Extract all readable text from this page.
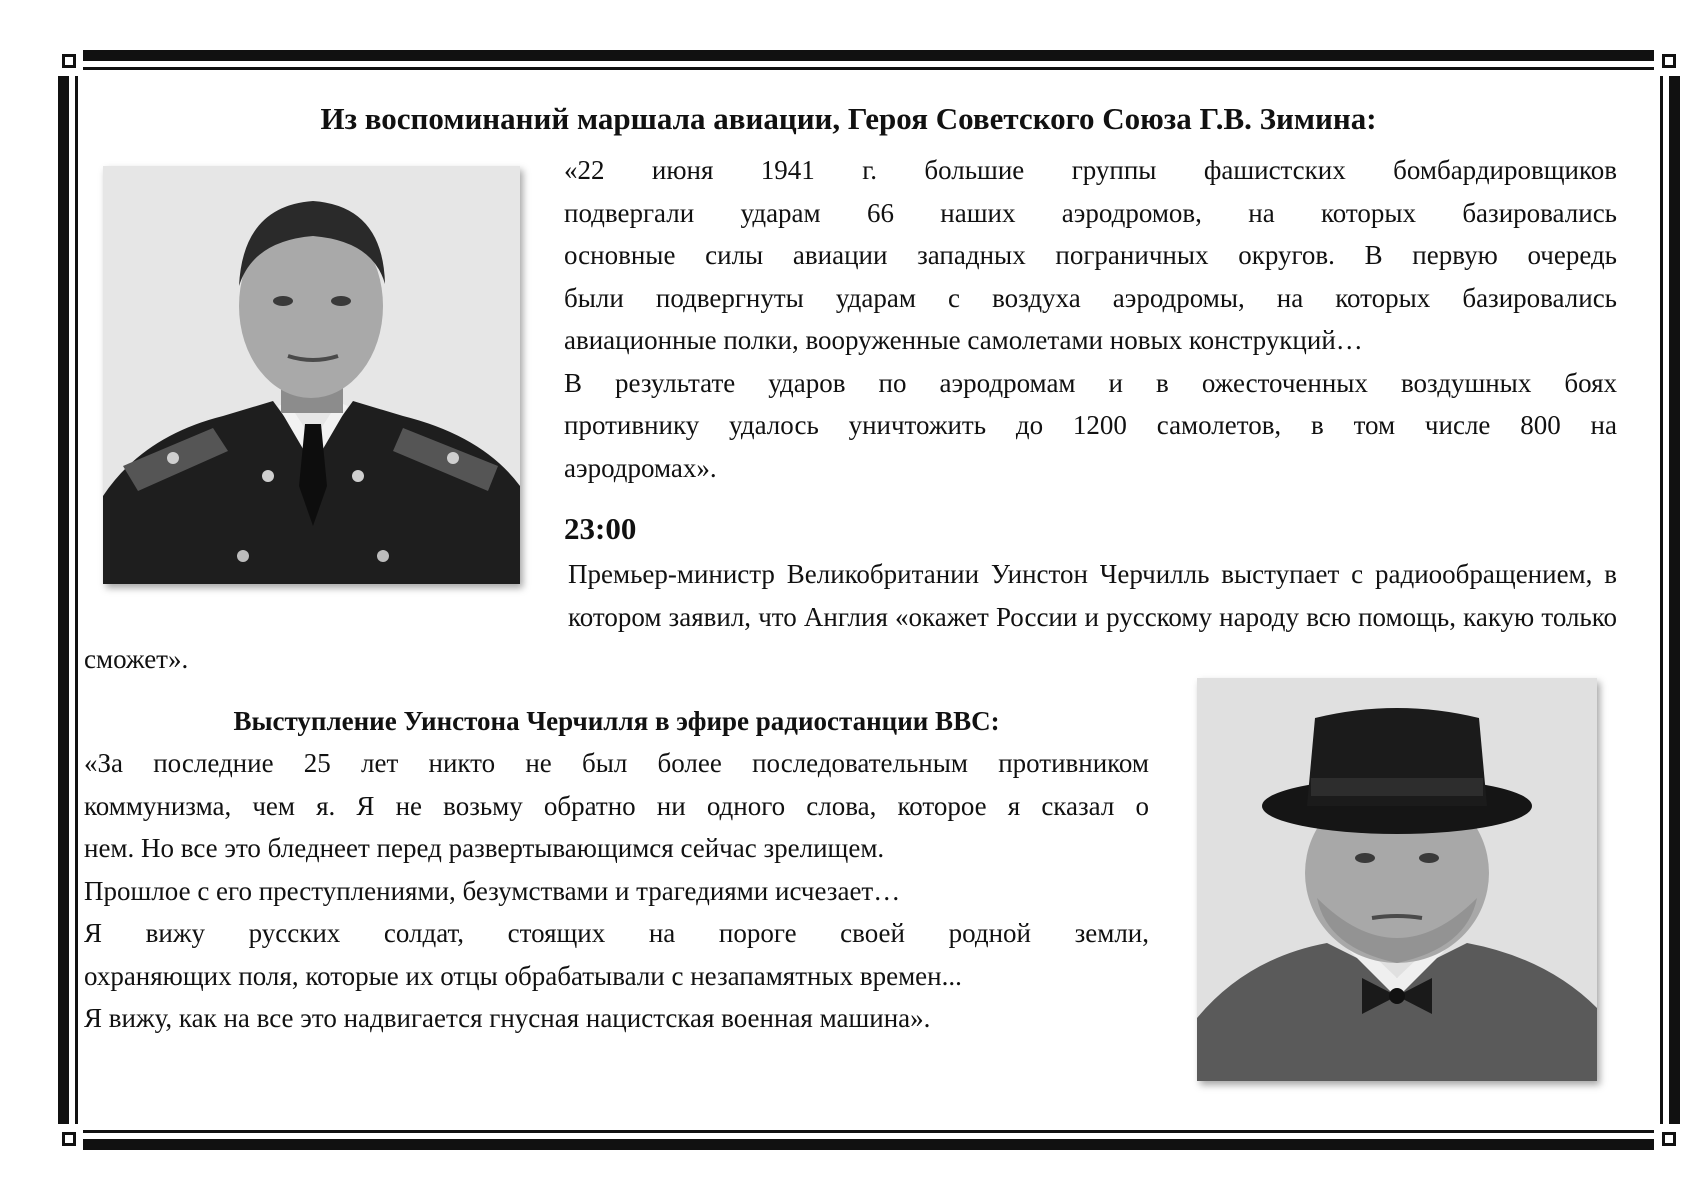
Из воспоминаний маршала авиации, Героя Советского Союза Г.В. Зимина:
«22 июня 1941 г. большие группы фашистских бомбардировщиков
подвергали ударам 66 наших аэродромов, на которых базировались
основные силы авиации западных пограничных округов. В первую очередь
были подвергнуты ударам с воздуха аэродромы, на которых базировались
авиационные полки, вооруженные самолетами новых конструкций…
В результате ударов по аэродромам и в ожесточенных воздушных боях
противнику удалось уничтожить до 1200 самолетов, в том числе 800 на
аэродромах».

23:00

Премьер-министр Великобритании Уинстон Черчилль выступает с радиообращением, в котором заявил, что Англия «окажет России и русскому народу всю помощь, какую только сможет».

Выступление Уинстона Черчилля в эфире радиостанции BBC:

«За последние 25 лет никто не был более последовательным противником
коммунизма, чем я. Я не возьму обратно ни одного слова, которое я сказал о
нем. Но все это бледнеет перед развертывающимся сейчас зрелищем.
Прошлое с его преступлениями, безумствами и трагедиями исчезает…
Я вижу русских солдат, стоящих на пороге своей родной земли,
охраняющих поля, которые их отцы обрабатывали с незапамятных времен...
Я вижу, как на все это надвигается гнусная нацистская военная машина».
